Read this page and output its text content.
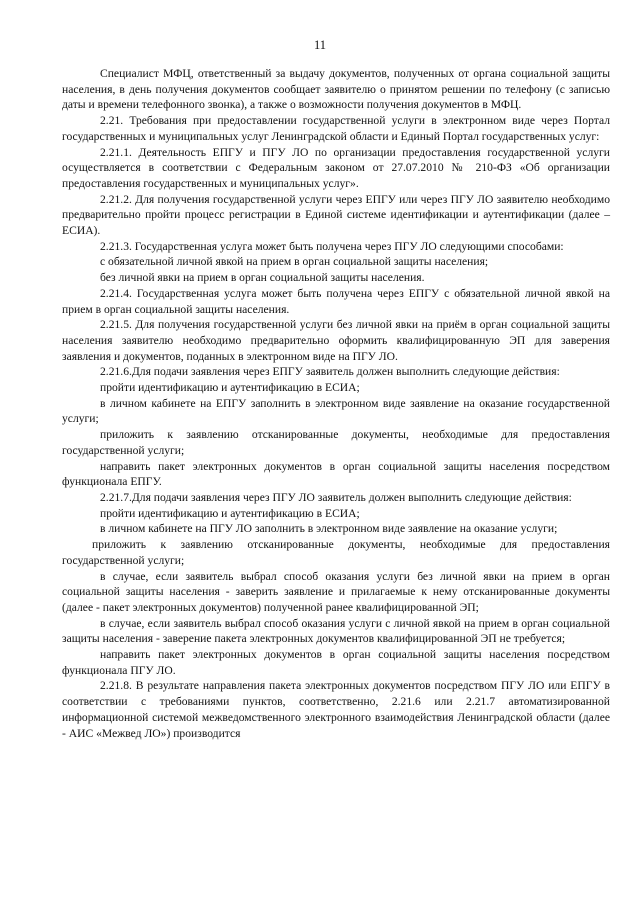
11

Специалист МФЦ, ответственный за выдачу документов, полученных от органа социальной защиты населения, в день получения документов сообщает заявителю о принятом решении по телефону (с записью даты и времени телефонного звонка), а также о возможности получения документов в МФЦ.

2.21. Требования при предоставлении государственной услуги в электронном виде через Портал государственных и муниципальных услуг Ленинградской области и Единый Портал государственных услуг:

2.21.1. Деятельность ЕПГУ и ПГУ ЛО по организации предоставления государственной услуги осуществляется в соответствии с Федеральным законом от 27.07.2010 № 210-ФЗ «Об организации предоставления государственных и муниципальных услуг».

2.21.2. Для получения государственной услуги через ЕПГУ или через ПГУ ЛО заявителю необходимо предварительно пройти процесс регистрации в Единой системе идентификации и аутентификации (далее – ЕСИА).

2.21.3. Государственная услуга может быть получена через ПГУ ЛО следующими способами:

с обязательной личной явкой на прием в орган социальной защиты населения;

без личной явки на прием в орган социальной защиты населения.

2.21.4. Государственная услуга может быть получена через ЕПГУ с обязательной личной явкой на прием в орган социальной защиты населения.

2.21.5. Для получения государственной услуги без личной явки на приём в орган социальной защиты населения заявителю необходимо предварительно оформить квалифицированную ЭП для заверения заявления и документов, поданных в электронном виде на ПГУ ЛО.

2.21.6.Для подачи заявления через ЕПГУ заявитель должен выполнить следующие действия:

пройти идентификацию и аутентификацию в ЕСИА;

в личном кабинете на ЕПГУ заполнить в электронном виде заявление на оказание государственной услуги;

приложить к заявлению отсканированные документы, необходимые для предоставления государственной услуги;

направить пакет электронных документов в орган социальной защиты населения посредством функционала ЕПГУ.

2.21.7.Для подачи заявления через ПГУ ЛО заявитель должен выполнить следующие действия:

пройти идентификацию и аутентификацию в ЕСИА;

в личном кабинете на ПГУ ЛО заполнить в электронном виде заявление на оказание услуги;

приложить к заявлению отсканированные документы, необходимые для предоставления государственной услуги;

в случае, если заявитель выбрал способ оказания услуги без личной явки на прием в орган социальной защиты населения - заверить заявление и прилагаемые к нему отсканированные документы (далее - пакет электронных документов) полученной ранее квалифицированной ЭП;

в случае, если заявитель выбрал способ оказания услуги с личной явкой на прием в орган социальной защиты населения - заверение пакета электронных документов квалифицированной ЭП не требуется;

направить пакет электронных документов в орган социальной защиты населения посредством функционала ПГУ ЛО.

2.21.8. В результате направления пакета электронных документов посредством ПГУ ЛО или ЕПГУ в соответствии с требованиями пунктов, соответственно, 2.21.6 или 2.21.7 автоматизированной информационной системой межведомственного электронного взаимодействия Ленинградской области (далее - АИС «Межвед ЛО») производится
